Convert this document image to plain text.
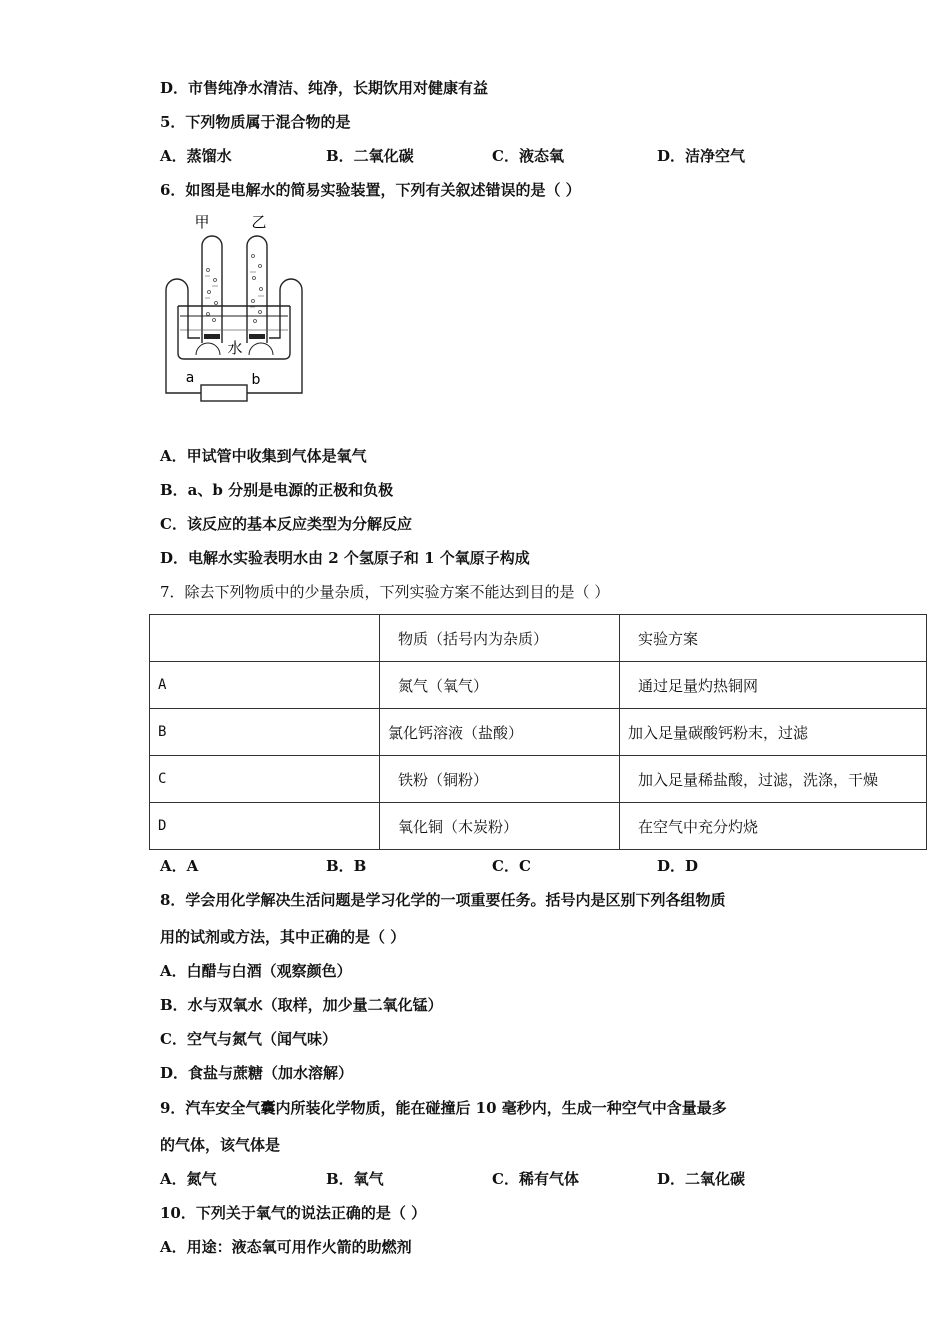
D．市售纯净水清洁、纯净，长期饮用对健康有益
5．下列物质属于混合物的是
A．蒸馏水	B．二氧化碳	C．液态氧	D．洁净空气
6．如图是电解水的简易实验装置，下列有关叙述错误的是（ ）
甲	乙
水
a	b
A．甲试管中收集到气体是氧气
B．a、b 分别是电源的正极和负极
C．该反应的基本反应类型为分解反应
D．电解水实验表明水由 2 个氢原子和 1 个氧原子构成
7．除去下列物质中的少量杂质，下列实验方案不能达到目的是（ ）
	物质（括号内为杂质）	实验方案
A	氮气（氧气）	通过足量灼热铜网
B	氯化钙溶液（盐酸）	加入足量碳酸钙粉末，过滤
C	铁粉（铜粉）	加入足量稀盐酸，过滤，洗涤，干燥
D	氧化铜（木炭粉）	在空气中充分灼烧
A．A	B．B	C．C	D．D
8．学会用化学解决生活问题是学习化学的一项重要任务。括号内是区别下列各组物质
用的试剂或方法，其中正确的是（ ）
A．白醋与白酒（观察颜色）
B．水与双氧水（取样，加少量二氧化锰）
C．空气与氮气（闻气味）
D．食盐与蔗糖（加水溶解）
9．汽车安全气囊内所装化学物质，能在碰撞后 10 毫秒内，生成一种空气中含量最多
的气体，该气体是
A．氮气	B．氧气	C．稀有气体	D．二氧化碳
10．下列关于氧气的说法正确的是（ ）
A．用途：液态氧可用作火箭的助燃剂
